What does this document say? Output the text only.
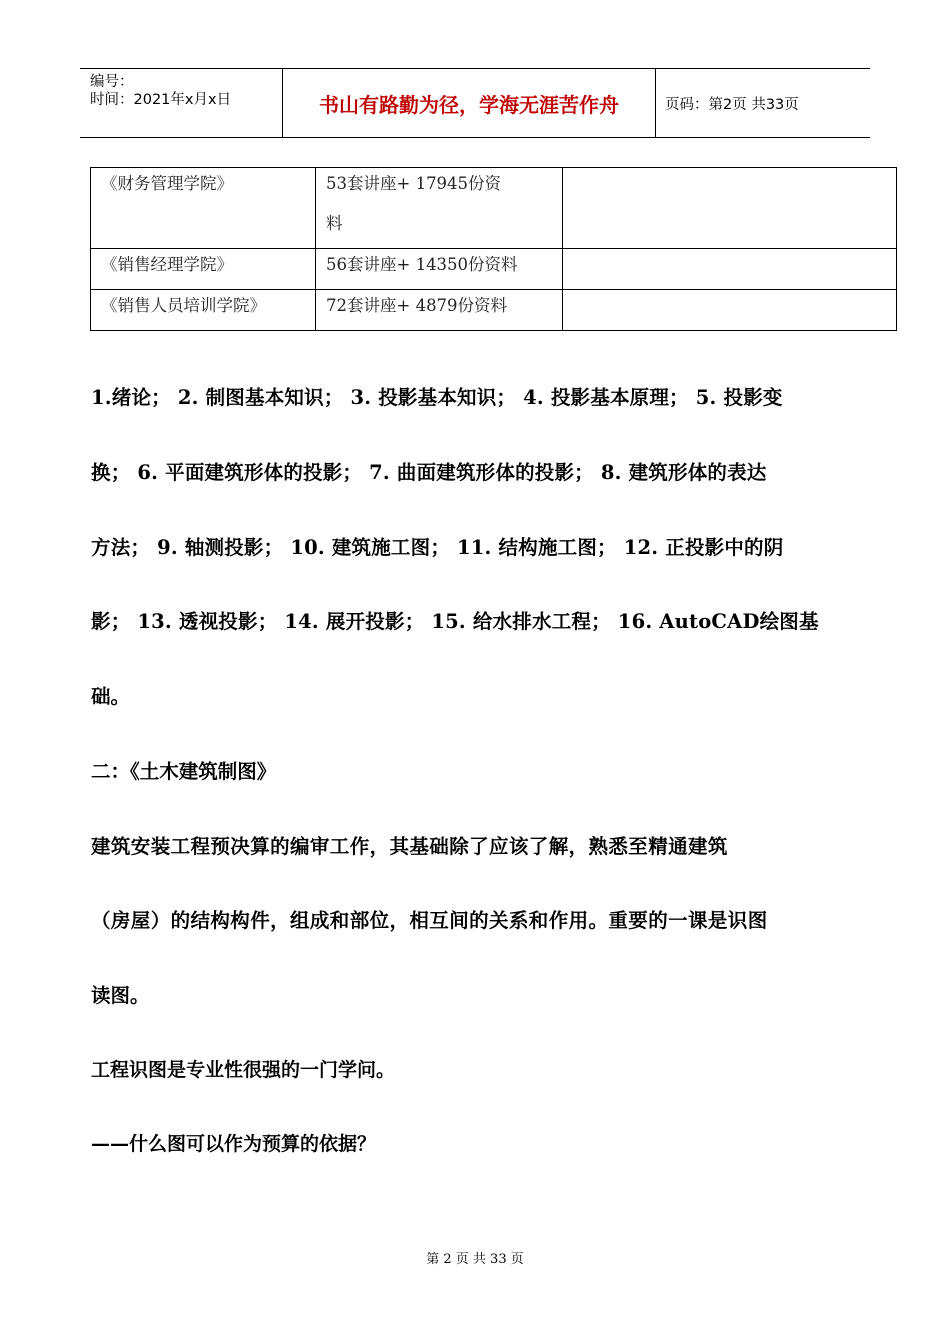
编号：
时间：2021年x月x日	书山有路勤为径，学海无涯苦作舟	页码：第2页 共33页
《财务管理学院》	53套讲座+ 17945份资
料	

《销售经理学院》	56套讲座+ 14350份资料	
《销售人员培训学院》	72套讲座+ 4879份资料	
1.绪论； 2. 制图基本知识； 3. 投影基本知识； 4. 投影基本原理； 5. 投影变
换； 6. 平面建筑形体的投影； 7. 曲面建筑形体的投影； 8. 建筑形体的表达
方法； 9. 轴测投影； 10. 建筑施工图； 11. 结构施工图； 12. 正投影中的阴
影； 13. 透视投影； 14. 展开投影； 15. 给水排水工程； 16. AutoCAD绘图基
础。
二：《土木建筑制图》
建筑安装工程预决算的编审工作，其基础除了应该了解，熟悉至精通建筑
（房屋）的结构构件，组成和部位，相互间的关系和作用。重要的一课是识图
读图。
工程识图是专业性很强的一门学问。
——什么图可以作为预算的依据？
第 2 页 共 33 页
